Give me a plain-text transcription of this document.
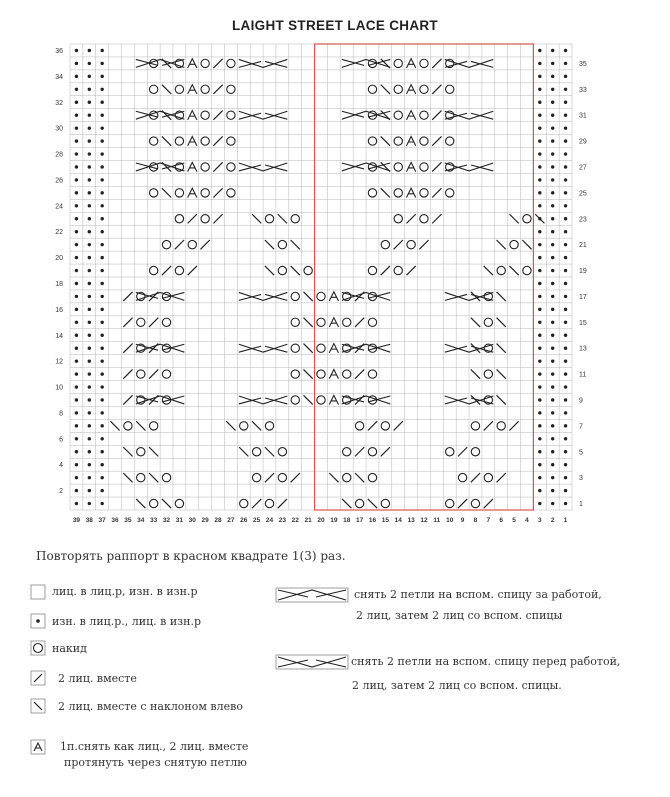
LAIGHT STREET LACE CHART
2
4
6
8
10
12
14
16
18
20
22
24
26
28
30
32
34
36
1
3
5
7
9
11
13
15
17
19
21
23
25
27
29
31
33
35
39 38 37 36 35 34 33 32 31 30 29 28 27 26 25 24 23 22 21 20 19 18 17 16 15 14 13 12 11 10 9 8 7 6 5 4 3 2 1
Повторять раппорт в красном квадрате 1(3) раз.
лиц. в лиц.р, изн. в изн.р
изн. в лиц.р., лиц. в изн.р
накид
2 лиц. вместе
2 лиц. вместе с наклоном влево
1п.снять как лиц., 2 лиц. вместе
протянуть через снятую петлю
снять 2 петли на вспом. спицу за работой,
2 лиц, затем 2 лиц со вспом. спицы
снять 2 петли на вспом. спицу перед работой,
2 лиц, затем 2 лиц со вспом. спицы.
